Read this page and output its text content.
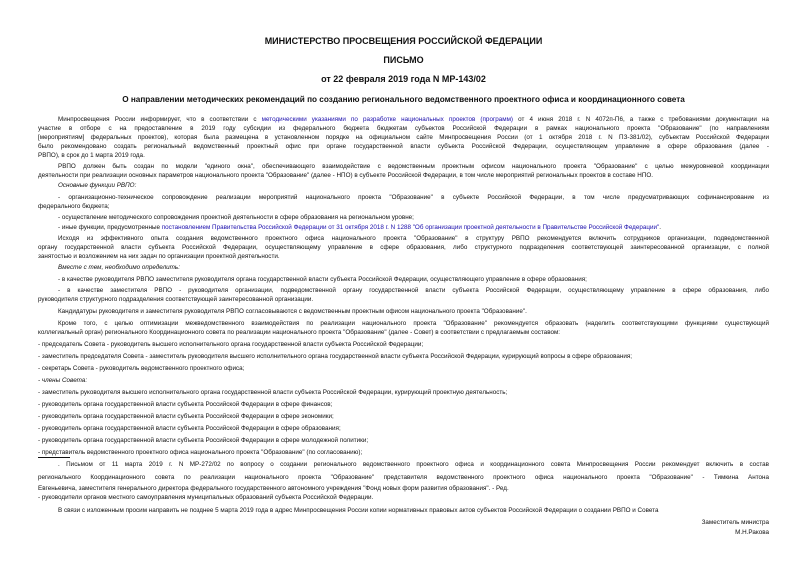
МИНИСТЕРСТВО ПРОСВЕЩЕНИЯ РОССИЙСКОЙ ФЕДЕРАЦИИ
ПИСЬМО
от 22 февраля 2019 года N МР-143/02
О направлении методических рекомендаций по созданию регионального ведомственного проектного офиса и координационного совета
Минпросвещения России информирует, что в соответствии с методическими указаниями по разработке национальных проектов (программ) от 4 июня 2018 г. N 4072п-П6, а также с требованиями документации на
участие в отборе с на предоставление в 2019 году субсидии из федерального бюджета бюджетам субъектов Российской Федерации в рамках национального проекта "Образование" (по направлениям
[мероприятиям] федеральных проектов), которая была размещена в установленном порядке на официальном сайте Минпросвещения России (от 1 октября 2018 г. N ПЗ-381/02), субъектам Российской Федерации
было рекомендовано создать региональный ведомственный проектный офис при органе государственной власти субъекта Российской Федерации, осуществляющем управление в сфере образования (далее -
РВПО), в срок до 1 марта 2019 года.
РВПО должен быть создан по модели "единого окна", обеспечивающего взаимодействие с ведомственным проектным офисом национального проекта "Образование" с целью межуровневой координации
деятельности при реализации основных параметров национального проекта "Образование" (далее - НПО) в субъекте Российской Федерации, в том числе мероприятий региональных проектов в составе НПО.
Основные функции РВПО:
- организационно-техническое сопровождение реализации мероприятий национального проекта "Образование" в субъекте Российской Федерации, в том числе предусматривающих софинансирование из
федерального бюджета;
- осуществление методического сопровождения проектной деятельности в сфере образования на региональном уровне;
- иные функции, предусмотренные постановлением Правительства Российской Федерации от 31 октября 2018 г. N 1288 "Об организации проектной деятельности в Правительстве Российской Федерации".
Исходя из эффективного опыта создания ведомственного проектного офиса национального проекта "Образование" в структуру РВПО рекомендуется включить сотрудников организации, подведомственной
органу государственной власти субъекта Российской Федерации, осуществляющему управление в сфере образования, либо структурного подразделения соответствующей заинтересованной организации, с полной
занятостью и возложением на них задач по организации проектной деятельности.
Вместе с тем, необходимо определить:
- в качестве руководителя РВПО заместителя руководителя органа государственной власти субъекта Российской Федерации, осуществляющего управление в сфере образования;
- в качестве заместителя РВПО - руководителя организации, подведомственной органу государственной власти субъекта Российской Федерации, осуществляющему управление в сфере образования, либо
руководителя структурного подразделения соответствующей заинтересованной организации.
Кандидатуры руководителя и заместителя руководителя РВПО согласовываются с ведомственным проектным офисом национального проекта "Образование".
Кроме того, с целью оптимизации межведомственного взаимодействия по реализации национального проекта "Образование" рекомендуется образовать (наделить соответствующими функциями существующий
коллегиальный орган) регионального Координационного совета по реализации национального проекта "Образование" (далее - Совет) в соответствии с предлагаемым составом:
- председатель Совета - руководитель высшего исполнительного органа государственной власти субъекта Российской Федерации;
- заместитель председателя Совета - заместитель руководителя высшего исполнительного органа государственной власти субъекта Российской Федерации, курирующий вопросы в сфере образования;
- секретарь Совета - руководитель ведомственного проектного офиса;
- члены Совета:
- заместитель руководителя высшего исполнительного органа государственной власти субъекта Российской Федерации, курирующий проектную деятельность;
- руководитель органа государственной власти субъекта Российской Федерации в сфере финансов;
- руководитель органа государственной власти субъекта Российской Федерации в сфере экономики;
- руководитель органа государственной власти субъекта Российской Федерации в сфере образования;
- руководитель органа государственной власти субъекта Российской Федерации в сфере молодежной политики;
- представитель ведомственного проектного офиса национального проекта "Образование" (по согласованию);
. Письмом от 11 марта 2019 г. N МР-272/02 по вопросу о создании регионального ведомственного проектного офиса и координационного совета Минпросвещения России рекомендует включить в состав
регионального Координационного совета по реализации национального проекта "Образование" представителя ведомственного проектного офиса национального проекта "Образование" - Тимкина Антона
Евгеньевича, заместителя генерального директора федерального государственного автономного учреждения "Фонд новых форм развития образования". - Ред.
- руководители органов местного самоуправления муниципальных образований субъекта Российской Федерации.
В связи с изложенным просим направить не позднее 5 марта 2019 года в адрес Минпросвещения России копии нормативных правовых актов субъектов Российской Федерации о создании РВПО и Совета
Заместитель министра
М.Н.Ракова
